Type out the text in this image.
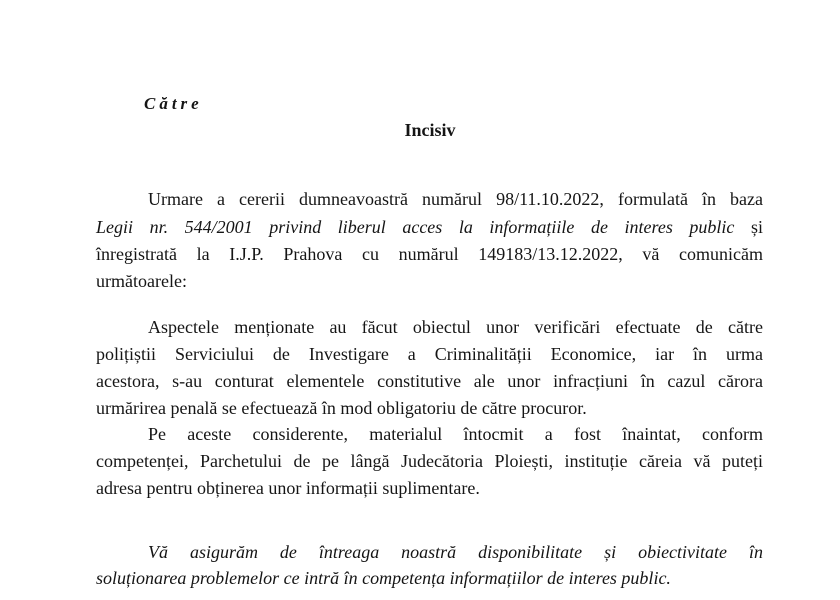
Către
Incisiv
Urmare a cererii dumneavoastră numărul 98/11.10.2022, formulată în baza
Legii nr. 544/2001 privind liberul acces la informațiile de interes public și
înregistrată la I.J.P. Prahova cu numărul 149183/13.12.2022, vă comunicăm
următoarele:
Aspectele menționate au făcut obiectul unor verificări efectuate de către
polițiștii Serviciului de Investigare a Criminalității Economice, iar în urma
acestora, s-au conturat elementele constitutive ale unor infracțiuni în cazul cărora
urmărirea penală se efectuează în mod obligatoriu de către procuror.
Pe aceste considerente, materialul întocmit a fost înaintat, conform
competenței, Parchetului de pe lângă Judecătoria Ploiești, instituție căreia vă puteți
adresa pentru obținerea unor informații suplimentare.
Vă asigurăm de întreaga noastră disponibilitate și obiectivitate în
soluționarea problemelor ce intră în competența informațiilor de interes public.
